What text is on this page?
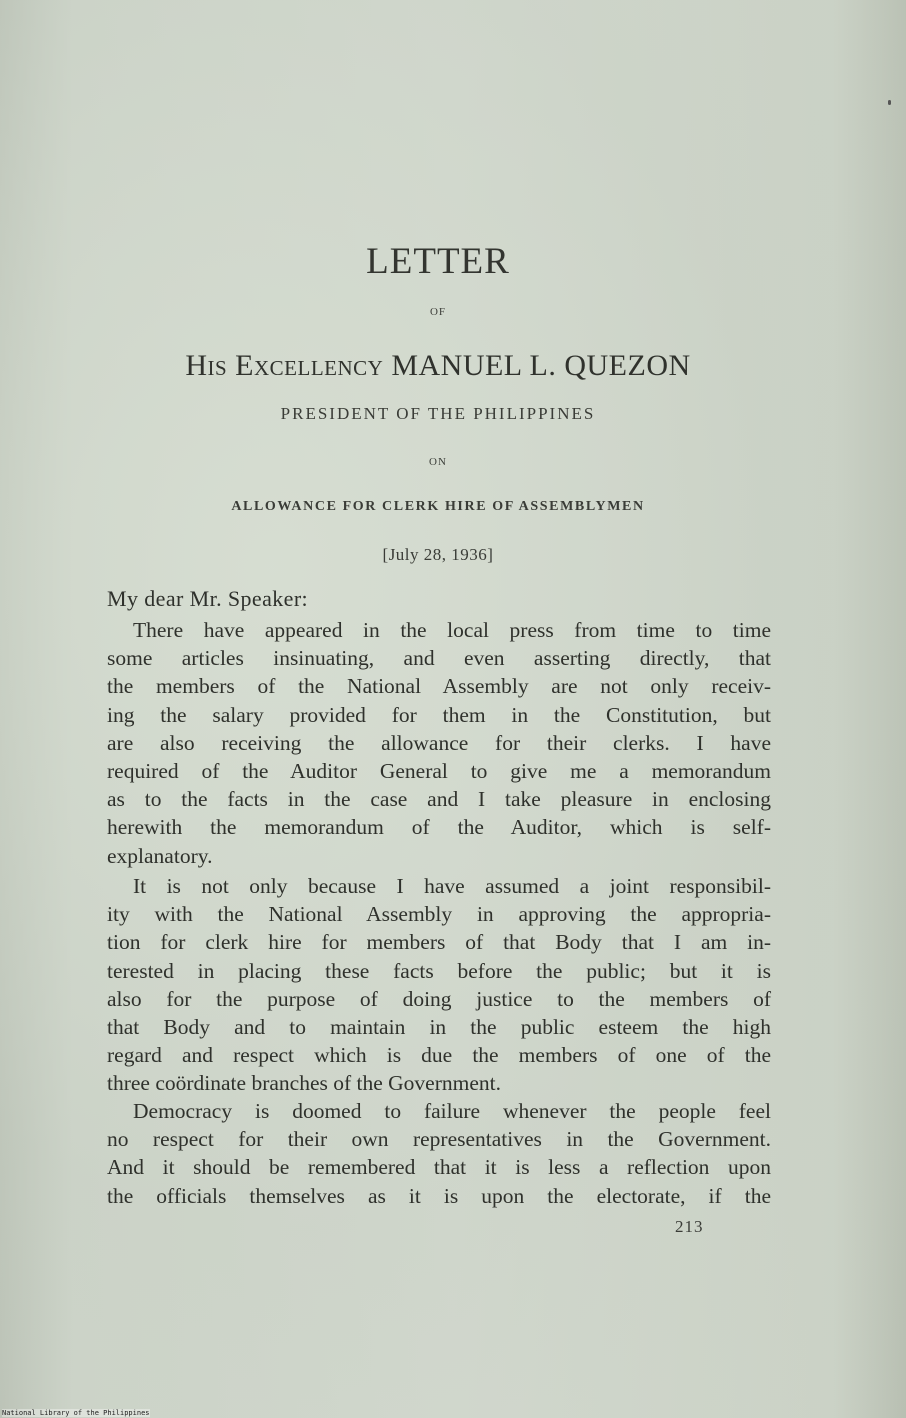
LETTER
OF
His Excellency MANUEL L. QUEZON
PRESIDENT OF THE PHILIPPINES
ON
ALLOWANCE FOR CLERK HIRE OF ASSEMBLYMEN
[July 28, 1936]
My dear Mr. Speaker:
There have appeared in the local press from time to time
some articles insinuating, and even asserting directly, that
the members of the National Assembly are not only receiv-
ing the salary provided for them in the Constitution, but
are also receiving the allowance for their clerks. I have
required of the Auditor General to give me a memorandum
as to the facts in the case and I take pleasure in enclosing
herewith the memorandum of the Auditor, which is self-
explanatory.
It is not only because I have assumed a joint responsibil-
ity with the National Assembly in approving the appropria-
tion for clerk hire for members of that Body that I am in-
terested in placing these facts before the public; but it is
also for the purpose of doing justice to the members of
that Body and to maintain in the public esteem the high
regard and respect which is due the members of one of the
three coördinate branches of the Government.
Democracy is doomed to failure whenever the people feel
no respect for their own representatives in the Government.
And it should be remembered that it is less a reflection upon
the officials themselves as it is upon the electorate, if the
213
National Library of the Philippines
